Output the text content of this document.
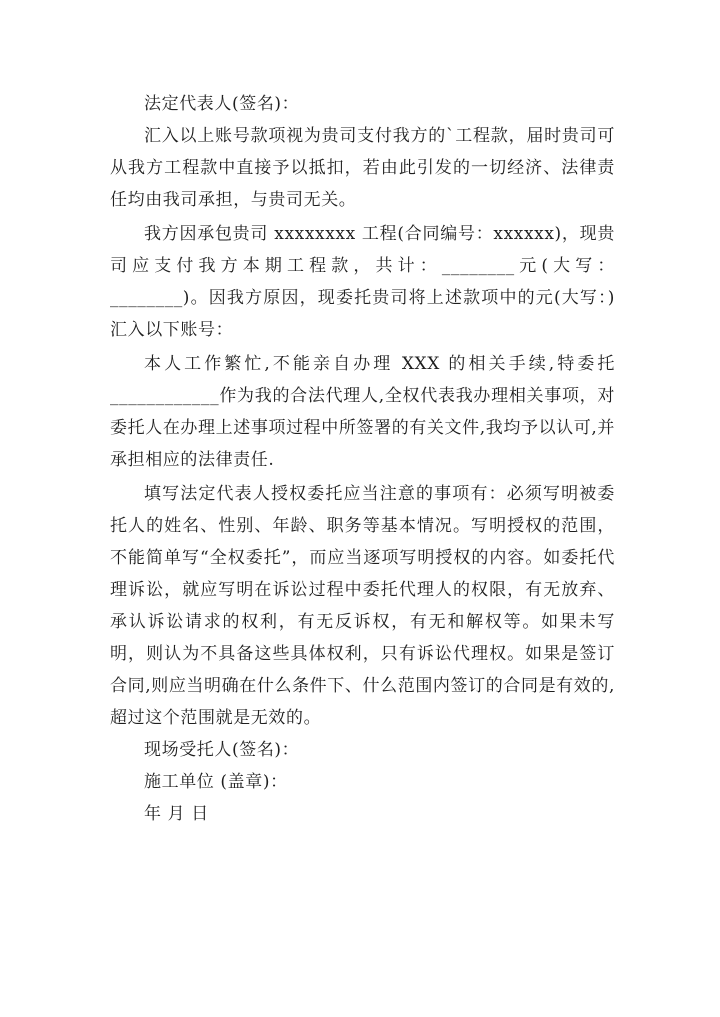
法定代表人(签名)：

汇入以上账号款项视为贵司支付我方的`工程款，届时贵司可从我方工程款中直接予以抵扣，若由此引发的一切经济、法律责任均由我司承担，与贵司无关。

我方因承包贵司 xxxxxxxx 工程(合同编号：xxxxxx)，现贵司应支付我方本期工程款，共计：________元(大写：________)。因我方原因，现委托贵司将上述款项中的元(大写：)汇入以下账号：

本人工作繁忙,不能亲自办理 XXX 的相关手续,特委托____________作为我的合法代理人,全权代表我办理相关事项，对委托人在办理上述事项过程中所签署的有关文件,我均予以认可,并承担相应的法律责任.

填写法定代表人授权委托应当注意的事项有：必须写明被委托人的姓名、性别、年龄、职务等基本情况。写明授权的范围，不能简单写“全权委托”，而应当逐项写明授权的内容。如委托代理诉讼，就应写明在诉讼过程中委托代理人的权限，有无放弃、承认诉讼请求的权利，有无反诉权，有无和解权等。如果未写明，则认为不具备这些具体权利，只有诉讼代理权。如果是签订合同,则应当明确在什么条件下、什么范围内签订的合同是有效的,超过这个范围就是无效的。

现场受托人(签名)：

施工单位 (盖章)：

年 月 日
